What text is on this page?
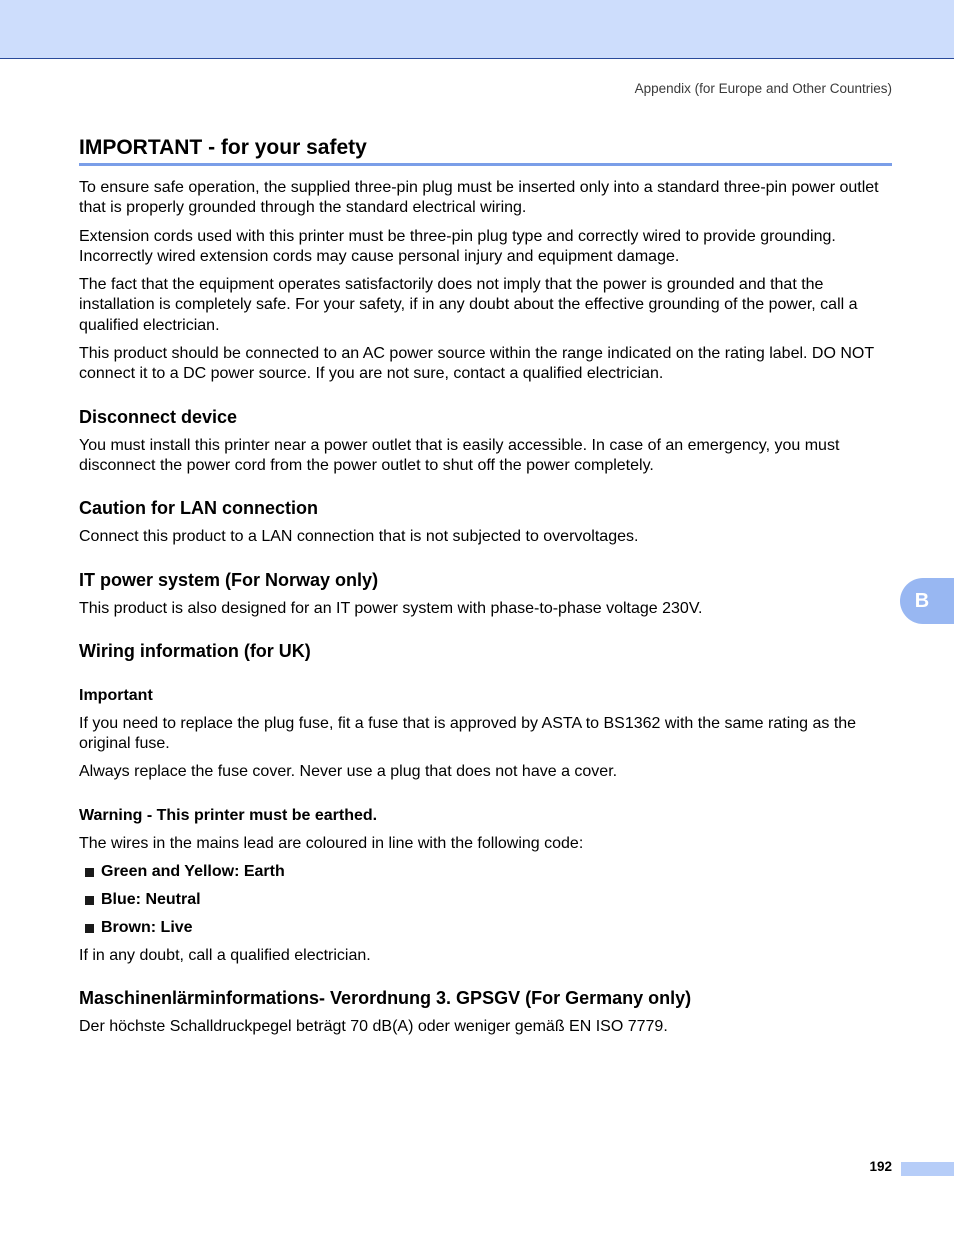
Appendix (for Europe and Other Countries)
IMPORTANT - for your safety

To ensure safe operation, the supplied three-pin plug must be inserted only into a standard three-pin power outlet that is properly grounded through the standard electrical wiring.

Extension cords used with this printer must be three-pin plug type and correctly wired to provide grounding. Incorrectly wired extension cords may cause personal injury and equipment damage.

The fact that the equipment operates satisfactorily does not imply that the power is grounded and that the installation is completely safe. For your safety, if in any doubt about the effective grounding of the power, call a qualified electrician.

This product should be connected to an AC power source within the range indicated on the rating label. DO NOT connect it to a DC power source. If you are not sure, contact a qualified electrician.

Disconnect device

You must install this printer near a power outlet that is easily accessible. In case of an emergency, you must disconnect the power cord from the power outlet to shut off the power completely.

Caution for LAN connection

Connect this product to a LAN connection that is not subjected to overvoltages.

IT power system (For Norway only)

This product is also designed for an IT power system with phase-to-phase voltage 230V.

Wiring information (for UK)
Important

If you need to replace the plug fuse, fit a fuse that is approved by ASTA to BS1362 with the same rating as the original fuse.

Always replace the fuse cover. Never use a plug that does not have a cover.

Warning - This printer must be earthed.

The wires in the mains lead are coloured in line with the following code:

Green and Yellow: Earth
Blue: Neutral
Brown: Live

If in any doubt, call a qualified electrician.

Maschinenlärminformations- Verordnung 3. GPSGV (For Germany only)

Der höchste Schalldruckpegel beträgt 70 dB(A) oder weniger gemäß EN ISO 7779.

B
192
